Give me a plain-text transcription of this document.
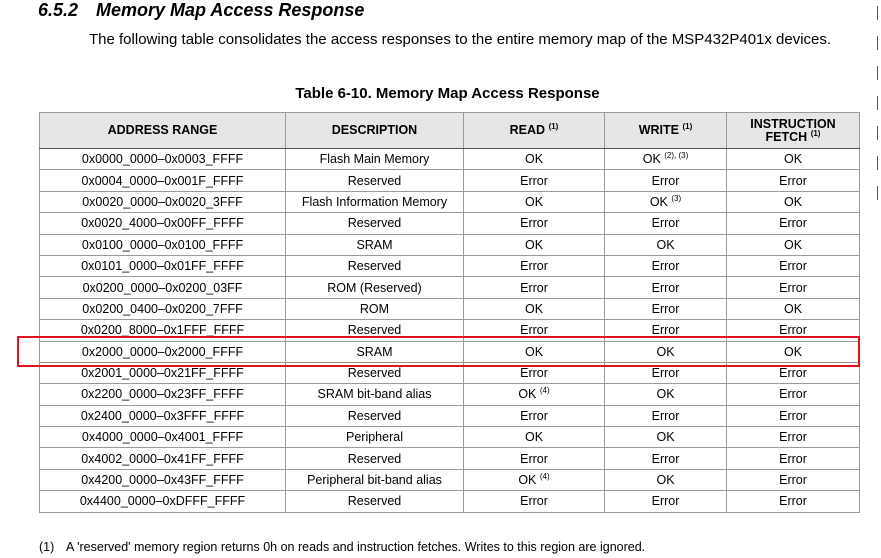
6.5.2 Memory Map Access Response
The following table consolidates the access responses to the entire memory map of the MSP432P401x devices.
Table 6-10. Memory Map Access Response
ADDRESS RANGE	DESCRIPTION	READ $^{(1)}$	WRITE $^{(1)}$	INSTRUCTION
FETCH $^{(1)}$
0x0000_0000–0x0003_FFFF	Flash Main Memory	OK	OK $^{(2), (3)}$	OK
0x0004_0000–0x001F_FFFF	Reserved	Error	Error	Error
0x0020_0000–0x0020_3FFF	Flash Information Memory	OK	OK $^{(3)}$	OK
0x0020_4000–0x00FF_FFFF	Reserved	Error	Error	Error
0x0100_0000–0x0100_FFFF	SRAM	OK	OK	OK
0x0101_0000–0x01FF_FFFF	Reserved	Error	Error	Error
0x0200_0000–0x0200_03FF	ROM (Reserved)	Error	Error	Error
0x0200_0400–0x0200_7FFF	ROM	OK	Error	OK
0x0200_8000–0x1FFF_FFFF	Reserved	Error	Error	Error
0x2000_0000–0x2000_FFFF	SRAM	OK	OK	OK
0x2001_0000–0x21FF_FFFF	Reserved	Error	Error	Error
0x2200_0000–0x23FF_FFFF	SRAM bit-band alias	OK $^{(4)}$	OK	Error
0x2400_0000–0x3FFF_FFFF	Reserved	Error	Error	Error
0x4000_0000–0x4001_FFFF	Peripheral	OK	OK	Error
0x4002_0000–0x41FF_FFFF	Reserved	Error	Error	Error
0x4200_0000–0x43FF_FFFF	Peripheral bit-band alias	OK $^{(4)}$	OK	Error
0x4400_0000–0xDFFF_FFFF	Reserved	Error	Error	Error
(1) A 'reserved' memory region returns 0h on reads and instruction fetches. Writes to this region are ignored.
